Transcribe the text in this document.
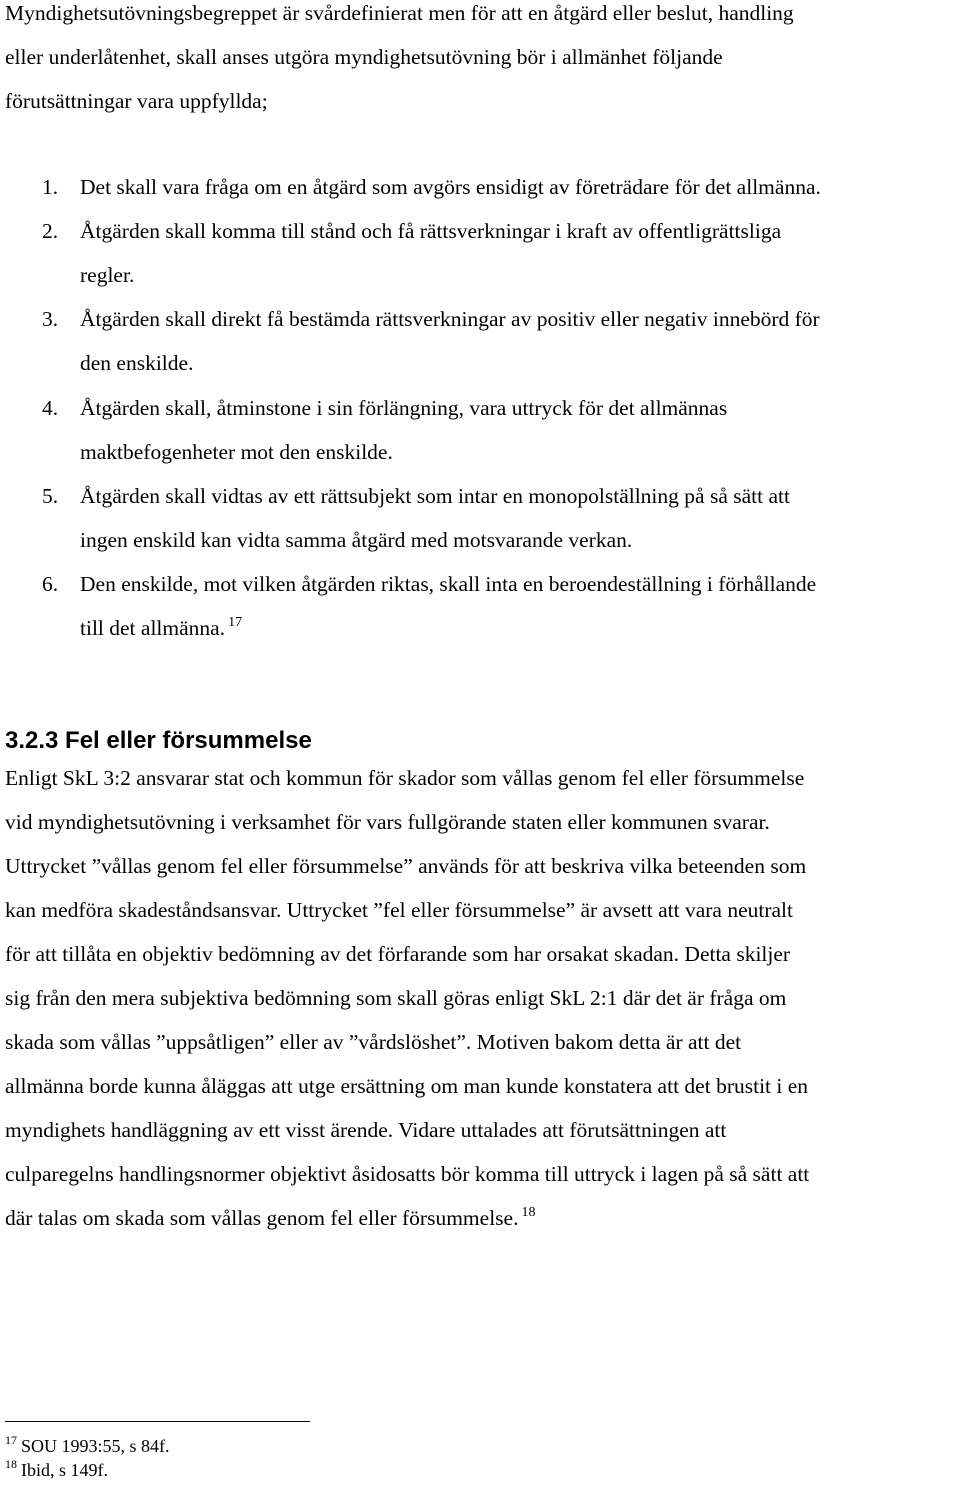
Myndighetsutövningsbegreppet är svårdefinierat men för att en åtgärd eller beslut, handling
eller underlåtenhet, skall anses utgöra myndighetsutövning bör i allmänhet följande
förutsättningar vara uppfyllda;
1. Det skall vara fråga om en åtgärd som avgörs ensidigt av företrädare för det allmänna.
2. Åtgärden skall komma till stånd och få rättsverkningar i kraft av offentligrättsliga
regler.
3. Åtgärden skall direkt få bestämda rättsverkningar av positiv eller negativ innebörd för
den enskilde.
4. Åtgärden skall, åtminstone i sin förlängning, vara uttryck för det allmännas
maktbefogenheter mot den enskilde.
5. Åtgärden skall vidtas av ett rättsubjekt som intar en monopolställning på så sätt att
ingen enskild kan vidta samma åtgärd med motsvarande verkan.
6. Den enskilde, mot vilken åtgärden riktas, skall inta en beroendeställning i förhållande
till det allmänna. $^{17}$
3.2.3 Fel eller försummelse
Enligt SkL 3:2 ansvarar stat och kommun för skador som vållas genom fel eller försummelse
vid myndighetsutövning i verksamhet för vars fullgörande staten eller kommunen svarar.
Uttrycket ”vållas genom fel eller försummelse” används för att beskriva vilka beteenden som
kan medföra skadeståndsansvar. Uttrycket ”fel eller försummelse” är avsett att vara neutralt
för att tillåta en objektiv bedömning av det förfarande som har orsakat skadan. Detta skiljer
sig från den mera subjektiva bedömning som skall göras enligt SkL 2:1 där det är fråga om
skada som vållas ”uppsåtligen” eller av ”vårdslöshet”. Motiven bakom detta är att det
allmänna borde kunna åläggas att utge ersättning om man kunde konstatera att det brustit i en
myndighets handläggning av ett visst ärende. Vidare uttalades att förutsättningen att
culparegelns handlingsnormer objektivt åsidosatts bör komma till uttryck i lagen på så sätt att
där talas om skada som vållas genom fel eller försummelse. $^{18}$
$^{17}$ SOU 1993:55, s 84f.
$^{18}$ Ibid, s 149f.
